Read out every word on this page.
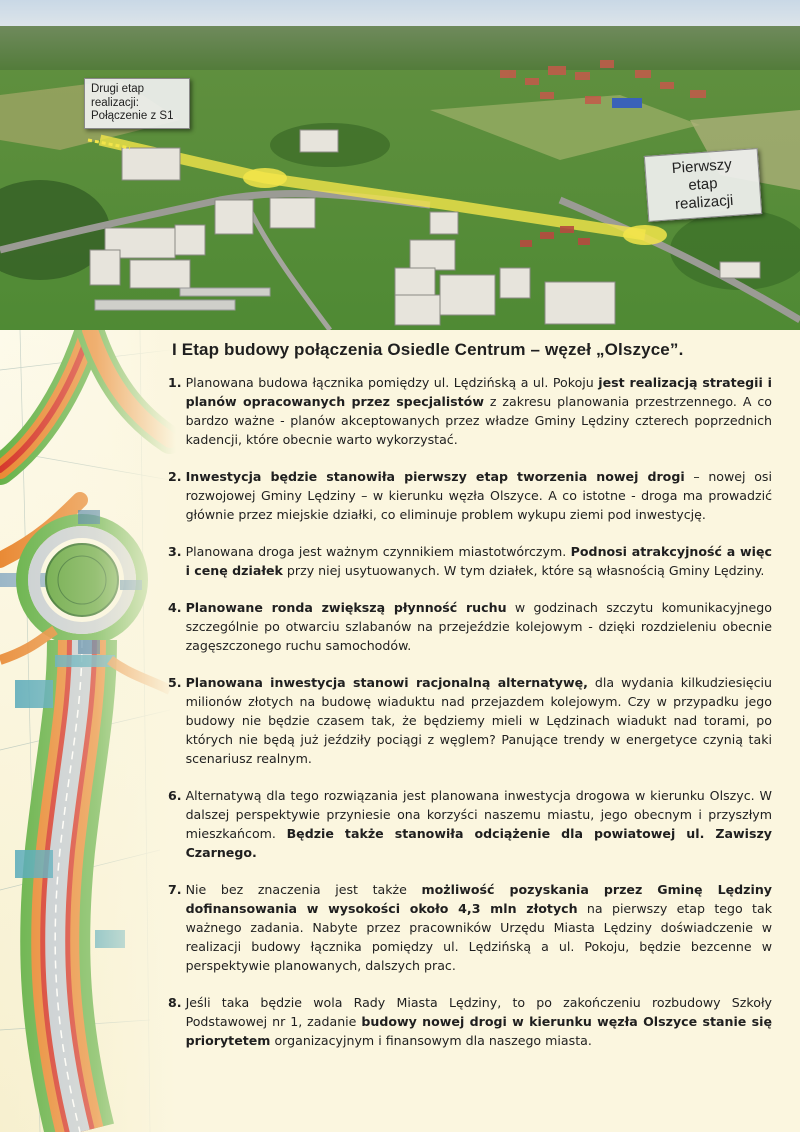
Drugi etap
realizacji:
Połączenie z S1
Pierwszy
etap
realizacji
I Etap budowy połączenia Osiedle Centrum – węzeł „Olszyce”.
1. Planowana budowa łącznika pomiędzy ul. Lędzińską a ul. Pokoju jest realizacją strategii i planów opracowanych przez specjalistów z zakresu planowania przestrzennego. A co bardzo ważne - planów akceptowanych przez władze Gminy Lędziny czterech poprzednich kadencji, które obecnie warto wykorzystać.
2. Inwestycja będzie stanowiła pierwszy etap tworzenia nowej drogi – nowej osi rozwojowej Gminy Lędziny – w kierunku węzła Olszyce. A co istotne - droga ma prowadzić głównie przez miejskie działki, co eliminuje problem wykupu ziemi pod inwestycję.
3. Planowana droga jest ważnym czynnikiem miastotwórczym. Podnosi atrakcyjność a więc i cenę działek przy niej usytuowanych. W tym działek, które są własnością Gminy Lędziny.
4. Planowane ronda zwiększą płynność ruchu w godzinach szczytu komunikacyjnego szczególnie po otwarciu szlabanów na przejeździe kolejowym - dzięki rozdzieleniu obecnie zagęszczonego ruchu samochodów.
5. Planowana inwestycja stanowi racjonalną alternatywę, dla wydania kilkudziesięciu milionów złotych na budowę wiaduktu nad przejazdem kolejowym. Czy w przypadku jego budowy nie będzie czasem tak, że będziemy mieli w Lędzinach wiadukt nad torami, po których nie będą już jeździły pociągi z węglem? Panujące trendy w energetyce czynią taki scenariusz realnym.
6. Alternatywą dla tego rozwiązania jest planowana inwestycja drogowa w kierunku Olszyc. W dalszej perspektywie przyniesie ona korzyści naszemu miastu, jego obecnym i przyszłym mieszkańcom. Będzie także stanowiła odciążenie dla powiatowej ul. Zawiszy Czarnego.
7. Nie bez znaczenia jest także możliwość pozyskania przez Gminę Lędziny dofinansowania w wysokości około 4,3 mln złotych na pierwszy etap tego tak ważnego zadania. Nabyte przez pracowników Urzędu Miasta Lędziny doświadczenie w realizacji budowy łącznika pomiędzy ul. Lędzińską a ul. Pokoju, będzie bezcenne w perspektywie planowanych, dalszych prac.
8. Jeśli taka będzie wola Rady Miasta Lędziny, to po zakończeniu rozbudowy Szkoły Podstawowej nr 1, zadanie budowy nowej drogi w kierunku węzła Olszyce stanie się priorytetem organizacyjnym i finansowym dla naszego miasta.
